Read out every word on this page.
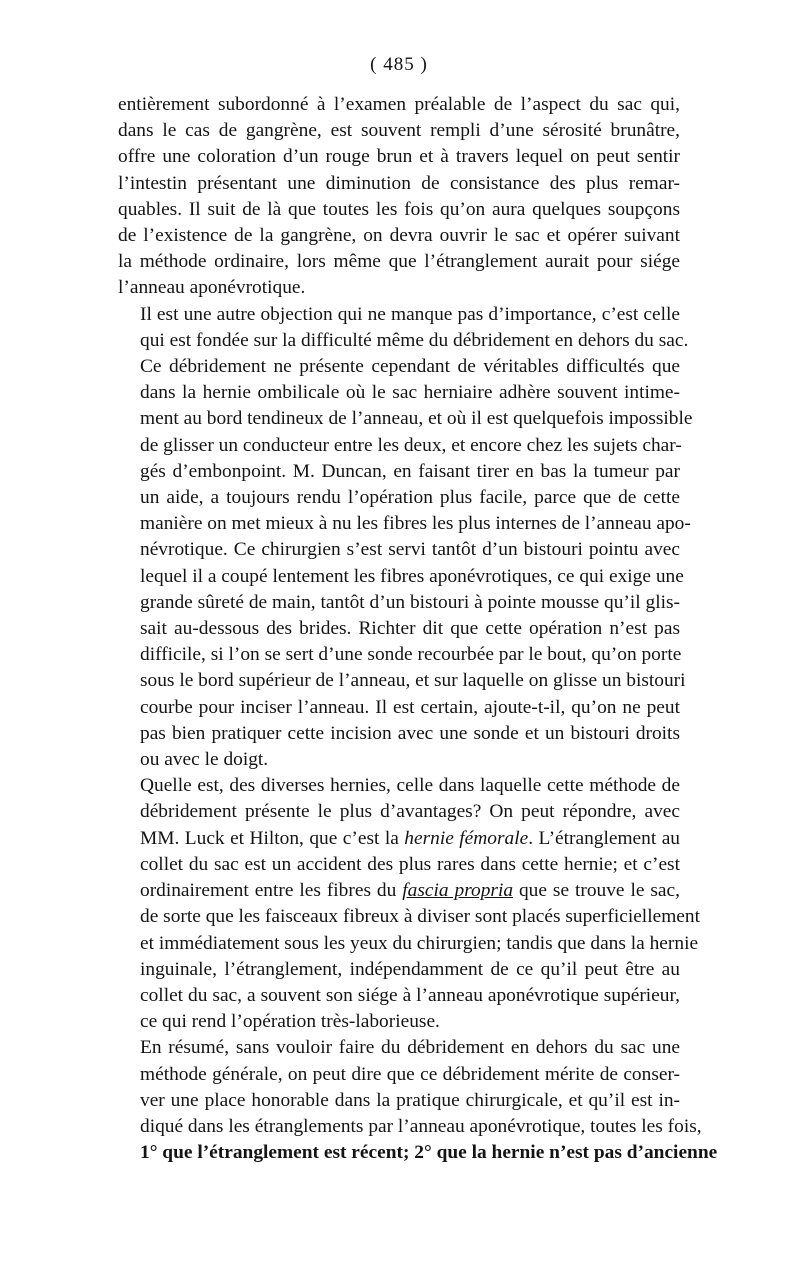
( 485 )

entièrement subordonné à l’examen préalable de l’aspect du sac qui,
dans le cas de gangrène, est souvent rempli d’une sérosité brunâtre,
offre une coloration d’un rouge brun et à travers lequel on peut sentir
l’intestin présentant une diminution de consistance des plus remar-
quables. Il suit de là que toutes les fois qu’on aura quelques soupçons
de l’existence de la gangrène, on devra ouvrir le sac et opérer suivant
la méthode ordinaire, lors même que l’étranglement aurait pour siége
l’anneau aponévrotique.

Il est une autre objection qui ne manque pas d’importance, c’est celle
qui est fondée sur la difficulté même du débridement en dehors du sac.
Ce débridement ne présente cependant de véritables difficultés que
dans la hernie ombilicale où le sac herniaire adhère souvent intime-
ment au bord tendineux de l’anneau, et où il est quelquefois impossible
de glisser un conducteur entre les deux, et encore chez les sujets char-
gés d’embonpoint. M. Duncan, en faisant tirer en bas la tumeur par
un aide, a toujours rendu l’opération plus facile, parce que de cette
manière on met mieux à nu les fibres les plus internes de l’anneau apo-
névrotique. Ce chirurgien s’est servi tantôt d’un bistouri pointu avec
lequel il a coupé lentement les fibres aponévrotiques, ce qui exige une
grande sûreté de main, tantôt d’un bistouri à pointe mousse qu’il glis-
sait au-dessous des brides. Richter dit que cette opération n’est pas
difficile, si l’on se sert d’une sonde recourbée par le bout, qu’on porte
sous le bord supérieur de l’anneau, et sur laquelle on glisse un bistouri
courbe pour inciser l’anneau. Il est certain, ajoute-t-il, qu’on ne peut
pas bien pratiquer cette incision avec une sonde et un bistouri droits
ou avec le doigt.

Quelle est, des diverses hernies, celle dans laquelle cette méthode de
débridement présente le plus d’avantages? On peut répondre, avec
MM. Luck et Hilton, que c’est la hernie fémorale. L’étranglement au
collet du sac est un accident des plus rares dans cette hernie; et c’est
ordinairement entre les fibres du fascia propria que se trouve le sac,
de sorte que les faisceaux fibreux à diviser sont placés superficiellement
et immédiatement sous les yeux du chirurgien; tandis que dans la hernie
inguinale, l’étranglement, indépendamment de ce qu’il peut être au
collet du sac, a souvent son siége à l’anneau aponévrotique supérieur,
ce qui rend l’opération très-laborieuse.

En résumé, sans vouloir faire du débridement en dehors du sac une
méthode générale, on peut dire que ce débridement mérite de conser-
ver une place honorable dans la pratique chirurgicale, et qu’il est in-
diqué dans les étranglements par l’anneau aponévrotique, toutes les fois,
1° que l’étranglement est récent; 2° que la hernie n’est pas d’ancienne
